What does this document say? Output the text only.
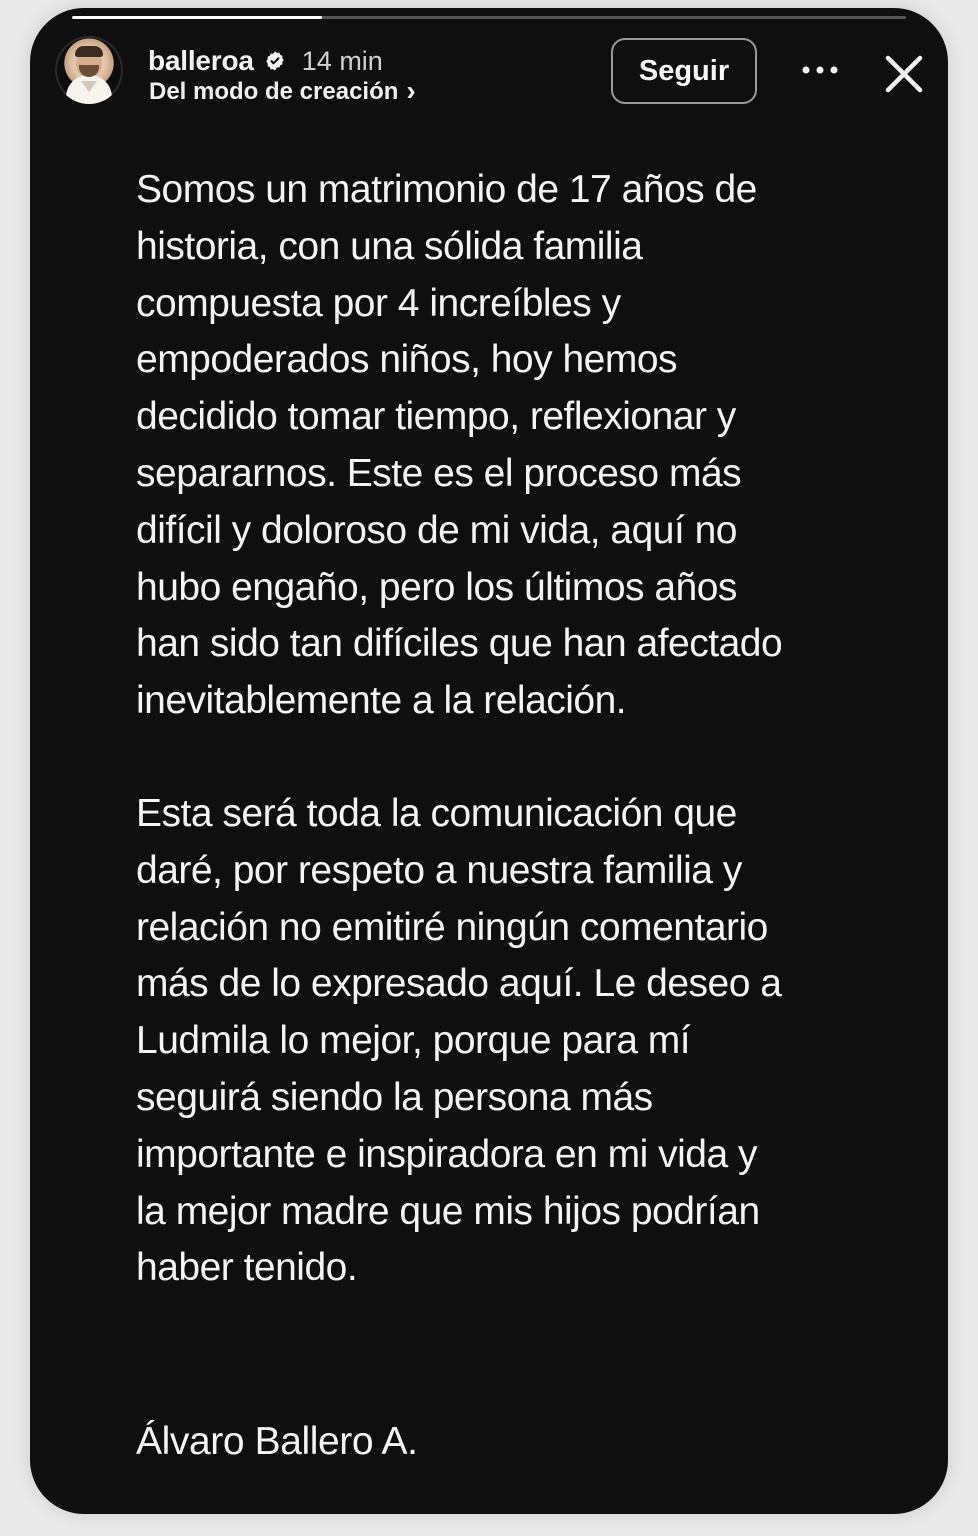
balleroa 14 min
Del modo de creación ›
Seguir

Somos un matrimonio de 17 años de
historia, con una sólida familia
compuesta por 4 increíbles y
empoderados niños, hoy hemos
decidido tomar tiempo, reflexionar y
separarnos. Este es el proceso más
difícil y doloroso de mi vida, aquí no
hubo engaño, pero los últimos años
han sido tan difíciles que han afectado
inevitablemente a la relación.

Esta será toda la comunicación que
daré, por respeto a nuestra familia y
relación no emitiré ningún comentario
más de lo expresado aquí. Le deseo a
Ludmila lo mejor, porque para mí
seguirá siendo la persona más
importante e inspiradora en mi vida y
la mejor madre que mis hijos podrían
haber tenido.

Álvaro Ballero A.
